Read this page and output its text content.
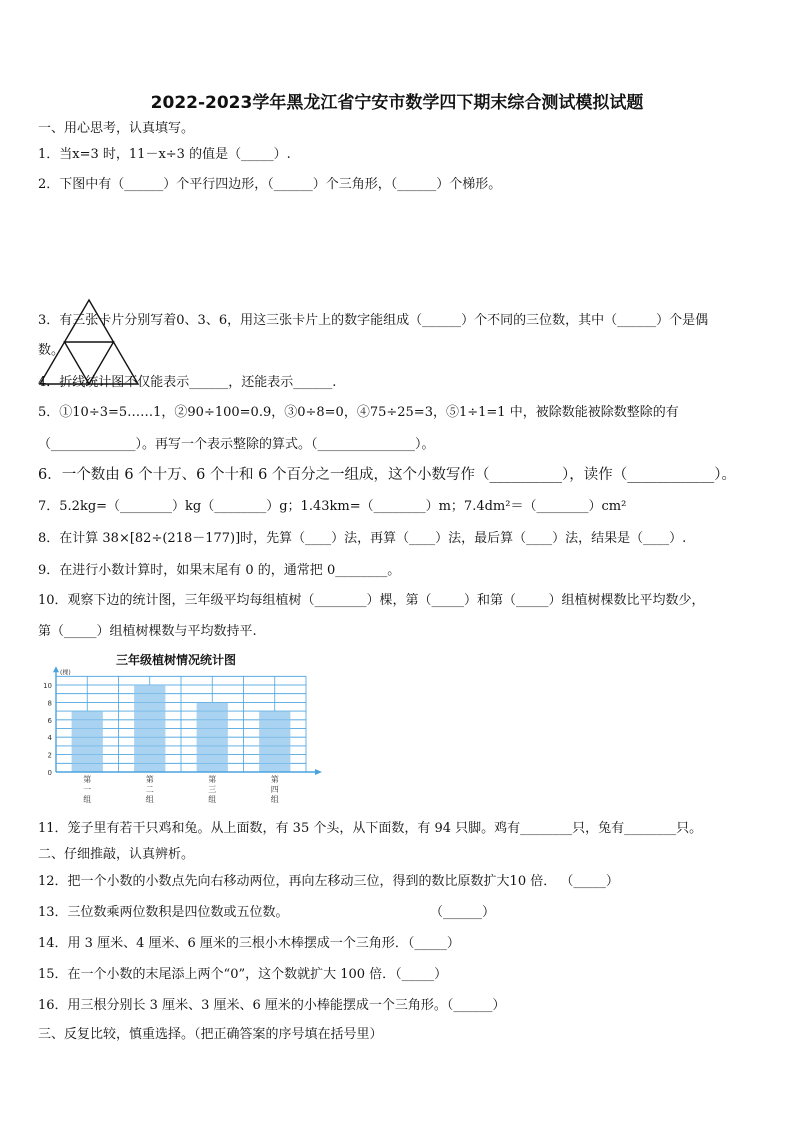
2022-2023学年黑龙江省宁安市数学四下期末综合测试模拟试题
一、用心思考，认真填写。
1．当x=3 时，11－x÷3 的值是（_____）.
2．下图中有（______）个平行四边形，（______）个三角形，（______）个梯形。
3．有三张卡片分别写着0、3、6，用这三张卡片上的数字能组成（______）个不同的三位数，其中（______）个是偶
数。
4．折线统计图不仅能表示______，还能表示______.
5．①10÷3=5……1，②90÷100=0.9，③0÷8=0，④75÷25=3，⑤1÷1=1 中，被除数能被除数整除的有
（_____________）。再写一个表示整除的算式。（_______________）。
6．一个数由 6 个十万、6 个十和 6 个百分之一组成，这个小数写作（__________），读作（____________）。
7．5.2kg=（________）kg（________）g；1.43km=（________）m；7.4dm²＝（________）cm²
8．在计算 38×[82÷(218－177)]时，先算（____）法，再算（____）法，最后算（____）法，结果是（____）.
9．在进行小数计算时，如果末尾有 0 的，通常把 0________。
10．观察下边的统计图，三年级平均每组植树（________）棵，第（_____）和第（_____）组植树棵数比平均数少，
第（_____）组植树棵数与平均数持平.
三年级植树情况统计图
(棵)
0
2
4
6
8
10
第
一
组
第
二
组
第
三
组
第
四
组
11．笼子里有若干只鸡和兔。从上面数，有 35 个头，从下面数，有 94 只脚。鸡有________只，兔有________只。
二、仔细推敲，认真辨析。
12．把一个小数的小数点先向右移动两位，再向左移动三位，得到的数比原数扩大10 倍． （_____）
13．三位数乘两位数积是四位数或五位数。	（______）
14．用 3 厘米、4 厘米、6 厘米的三根小木棒摆成一个三角形．（_____）
15．在一个小数的末尾添上两个“0”，这个数就扩大 100 倍．（_____）
16．用三根分别长 3 厘米、3 厘米、6 厘米的小棒能摆成一个三角形。（______）
三、反复比较，慎重选择。（把正确答案的序号填在括号里）
